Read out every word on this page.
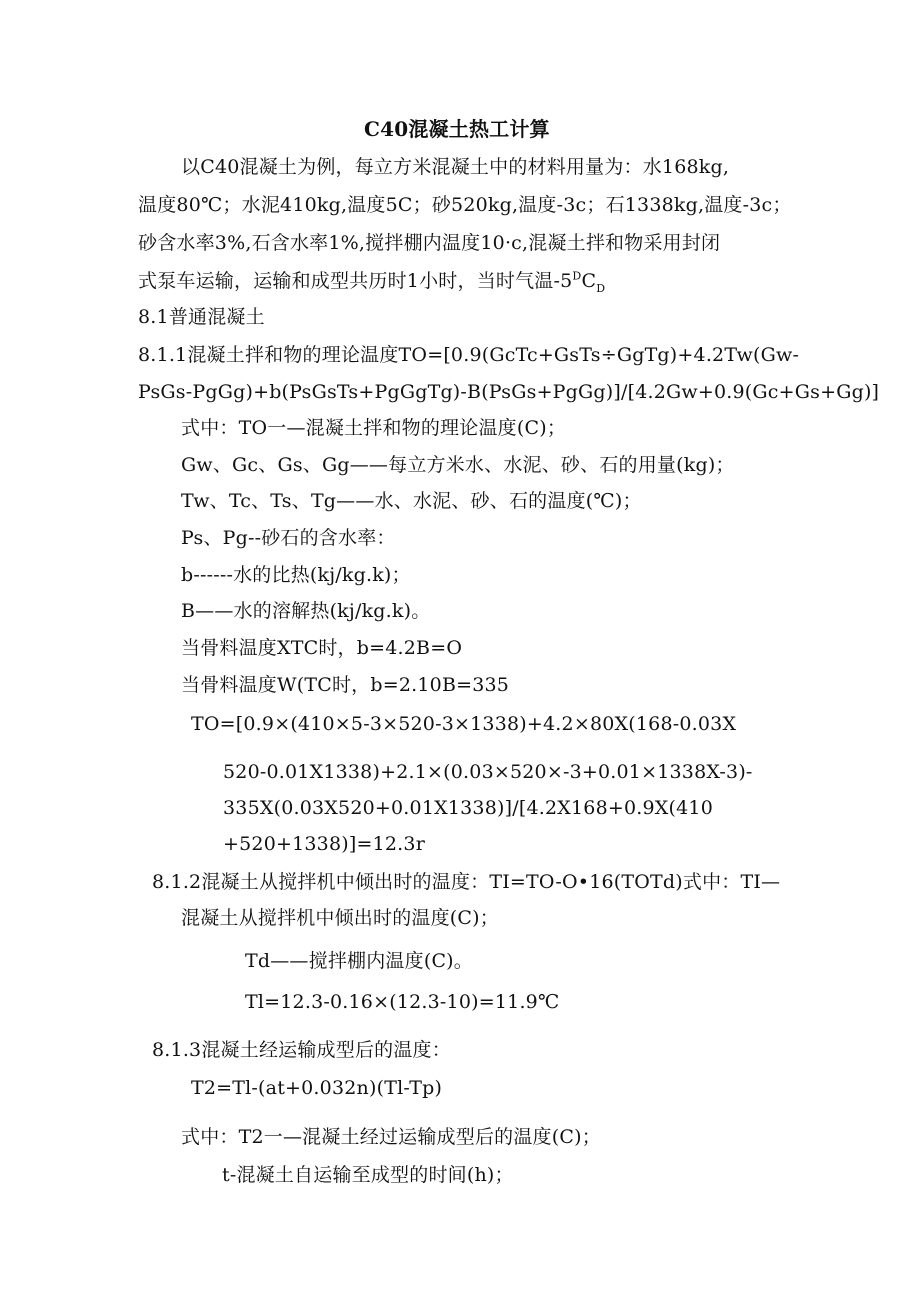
C40混凝土热工计算
以C40混凝土为例，每立方米混凝土中的材料用量为：水168kg,
温度80℃；水泥410kg,温度5C；砂520kg,温度-3c；石1338kg,温度-3c；
砂含水率3%,石含水率1%,搅拌棚内温度10·c,混凝土拌和物采用封闭
式泵车运输，运输和成型共历时1小时，当时气温$-5^DC_D$
8.1普通混凝土
8.1.1混凝土拌和物的理论温度TO=[0.9(GcTc+GsTs÷GgTg)+4.2Tw(Gw-
PsGs-PgGg)+b(PsGsTs+PgGgTg)-B(PsGs+PgGg)]/[4.2Gw+0.9(Gc+Gs+Gg)]
式中：TO一—混凝土拌和物的理论温度(C)；
Gw、Gc、Gs、Gg——每立方米水、水泥、砂、石的用量(kg)；
Tw、Tc、Ts、Tg——水、水泥、砂、石的温度(℃)；
Ps、Pg--砂石的含水率：
b------水的比热(kj/kg.k)；
B——水的溶解热(kj/kg.k)。
当骨料温度XTC时，b=4.2B=O
当骨料温度W(TC时，b=2.10B=335
TO=[0.9×(410×5-3×520-3×1338)+4.2×80X(168-0.03X
520-0.01X1338)+2.1×(0.03×520×-3+0.01×1338X-3)-
335X(0.03X520+0.01X1338)]/[4.2X168+0.9X(410
+520+1338)]=12.3r
8.1.2混凝土从搅拌机中倾出时的温度：TI=TO-O•16(TOTd)式中：TI—
混凝土从搅拌机中倾出时的温度(C)；
Td——搅拌棚内温度(C)。
Tl=12.3-0.16×(12.3-10)=11.9℃
8.1.3混凝土经运输成型后的温度：
T2=Tl-(at+0.032n)(Tl-Tp)
式中：T2一—混凝土经过运输成型后的温度(C)；
t-混凝土自运输至成型的时间(h)；
